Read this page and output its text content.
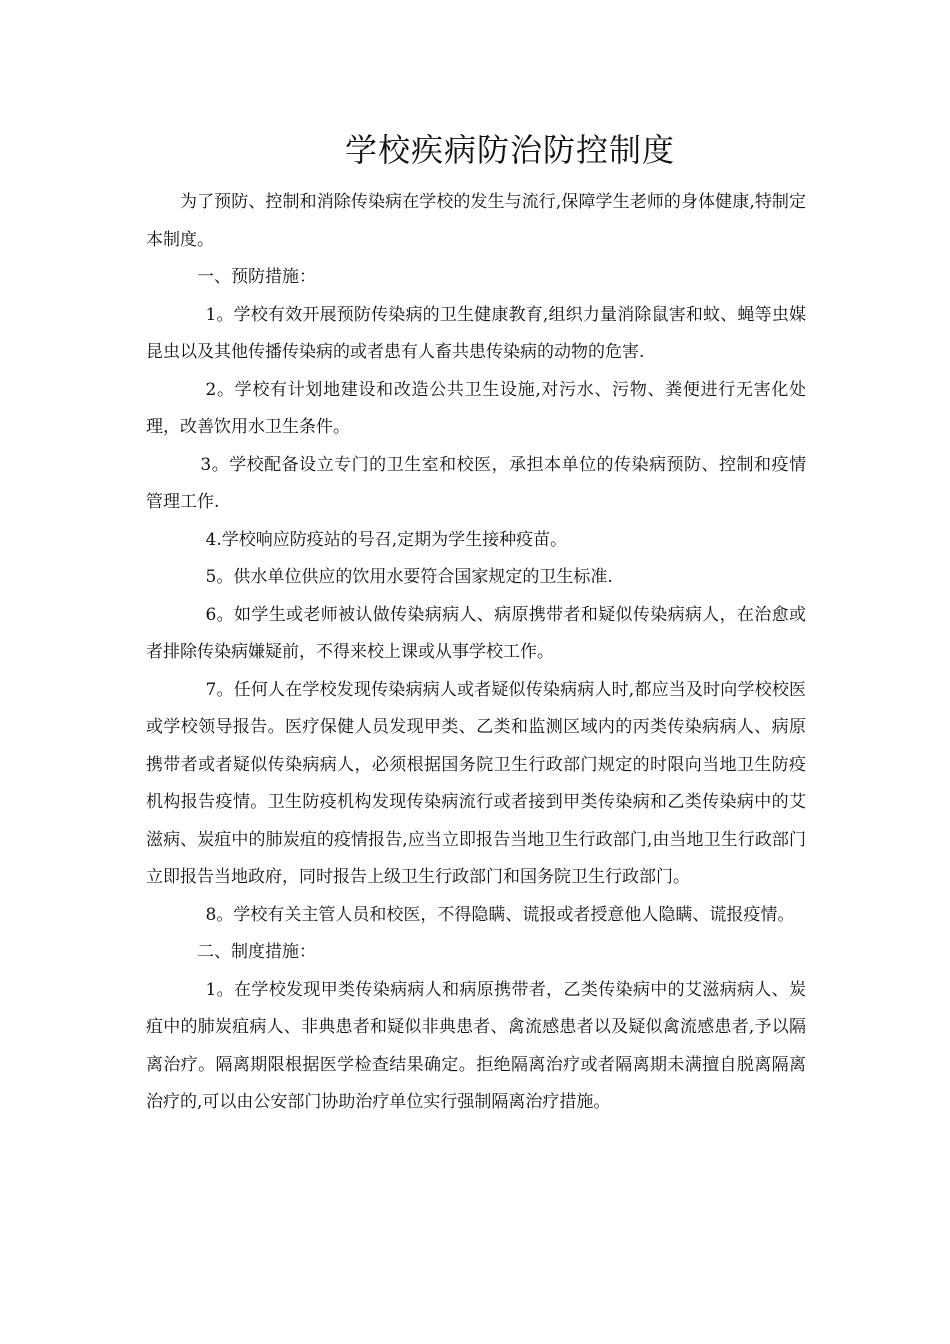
学校疾病防治防控制度

为了预防、控制和消除传染病在学校的发生与流行,保障学生老师的身体健康,特制定本制度。

一、预防措施：

1。学校有效开展预防传染病的卫生健康教育,组织力量消除鼠害和蚊、蝇等虫媒昆虫以及其他传播传染病的或者患有人畜共患传染病的动物的危害.

2。学校有计划地建设和改造公共卫生设施,对污水、污物、粪便进行无害化处理，改善饮用水卫生条件。

3。学校配备设立专门的卫生室和校医，承担本单位的传染病预防、控制和疫情管理工作.

4.学校响应防疫站的号召,定期为学生接种疫苗。

5。供水单位供应的饮用水要符合国家规定的卫生标准.

6。如学生或老师被认做传染病病人、病原携带者和疑似传染病病人，在治愈或者排除传染病嫌疑前，不得来校上课或从事学校工作。

7。任何人在学校发现传染病病人或者疑似传染病病人时,都应当及时向学校校医或学校领导报告。医疗保健人员发现甲类、乙类和监测区域内的丙类传染病病人、病原携带者或者疑似传染病病人，必须根据国务院卫生行政部门规定的时限向当地卫生防疫机构报告疫情。卫生防疫机构发现传染病流行或者接到甲类传染病和乙类传染病中的艾滋病、炭疽中的肺炭疽的疫情报告,应当立即报告当地卫生行政部门,由当地卫生行政部门立即报告当地政府，同时报告上级卫生行政部门和国务院卫生行政部门。

8。学校有关主管人员和校医，不得隐瞒、谎报或者授意他人隐瞒、谎报疫情。

二、制度措施：

1。在学校发现甲类传染病病人和病原携带者，乙类传染病中的艾滋病病人、炭疽中的肺炭疽病人、非典患者和疑似非典患者、禽流感患者以及疑似禽流感患者,予以隔离治疗。隔离期限根据医学检查结果确定。拒绝隔离治疗或者隔离期未满擅自脱离隔离治疗的,可以由公安部门协助治疗单位实行强制隔离治疗措施。
